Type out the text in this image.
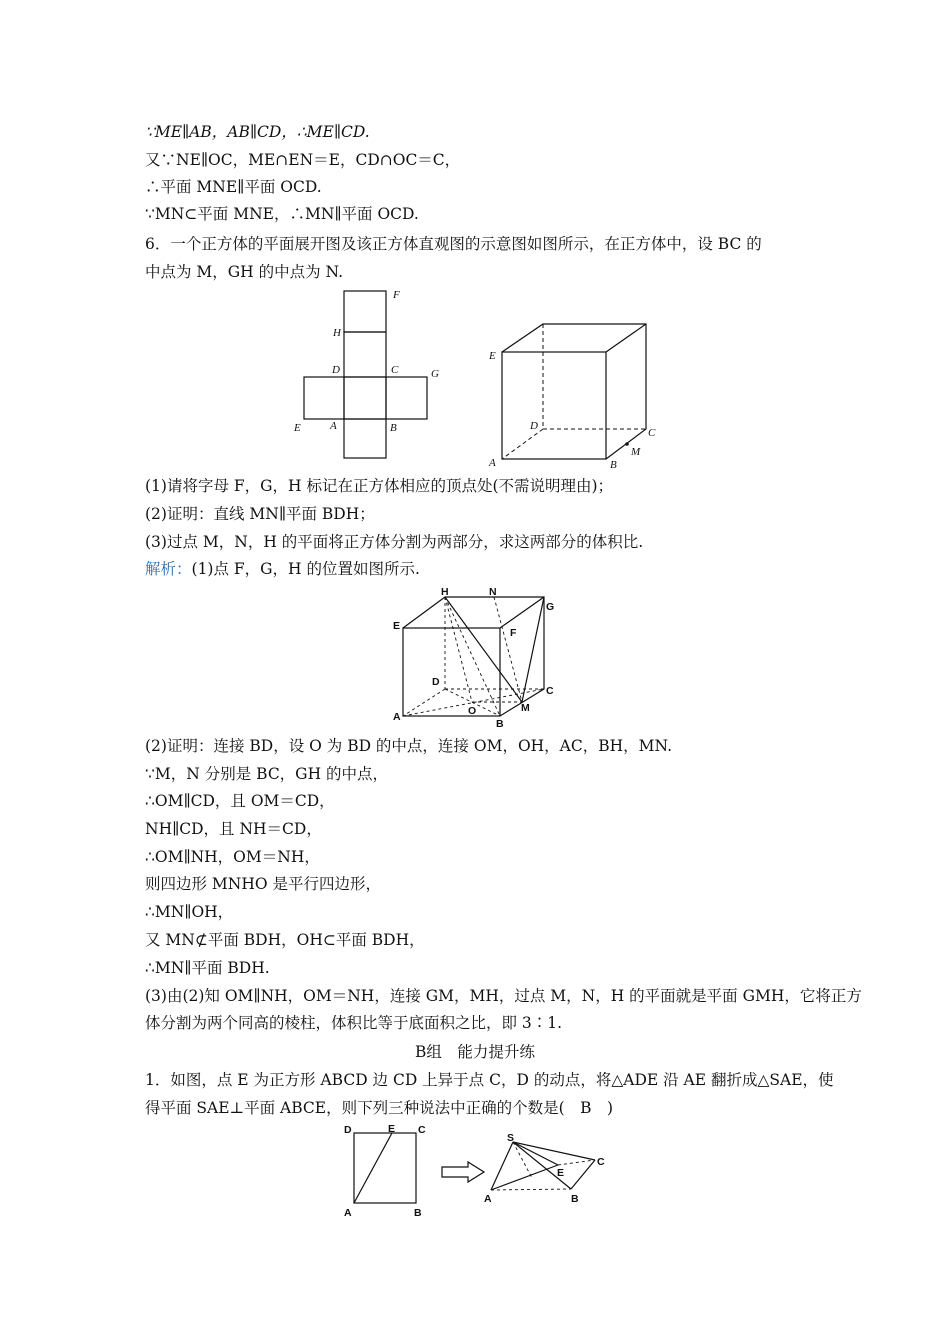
∵ME∥AB，AB∥CD，∴ME∥CD.
又∵NE∥OC，ME∩EN＝E，CD∩OC＝C，
∴平面 MNE∥平面 OCD.
∵MN⊂平面 MNE，∴MN∥平面 OCD.
6．一个正方体的平面展开图及该正方体直观图的示意图如图所示，在正方体中，设 BC 的
中点为 M，GH 的中点为 N.
F
H
D	C	G
E	A	B
E
D
C
A	B
M
(1)请将字母 F，G，H 标记在正方体相应的顶点处(不需说明理由)；
(2)证明：直线 MN∥平面 BDH；
(3)过点 M，N，H 的平面将正方体分割为两部分，求这两部分的体积比.
解析：(1)点 F，G，H 的位置如图所示.
H	N
G
E
F
D
C
A	O	M
B
(2)证明：连接 BD，设 O 为 BD 的中点，连接 OM，OH，AC，BH，MN.
∵M，N 分别是 BC，GH 的中点，
∴OM∥CD，且 OM＝CD，
NH∥CD，且 NH＝CD，
∴OM∥NH，OM＝NH，
则四边形 MNHO 是平行四边形，
∴MN∥OH，
又 MN⊄平面 BDH，OH⊂平面 BDH，
∴MN∥平面 BDH.
(3)由(2)知 OM∥NH，OM＝NH，连接 GM，MH，过点 M，N，H 的平面就是平面 GMH，它将正方
体分割为两个同高的棱柱，体积比等于底面积之比，即 3∶1.
B组　能力提升练
1．如图，点 E 为正方形 ABCD 边 CD 上异于点 C，D 的动点，将△ADE 沿 AE 翻折成△SAE，使
得平面 SAE⊥平面 ABCE，则下列三种说法中正确的个数是(　B　)
D	E C
A	B
S
E
C
A	B
